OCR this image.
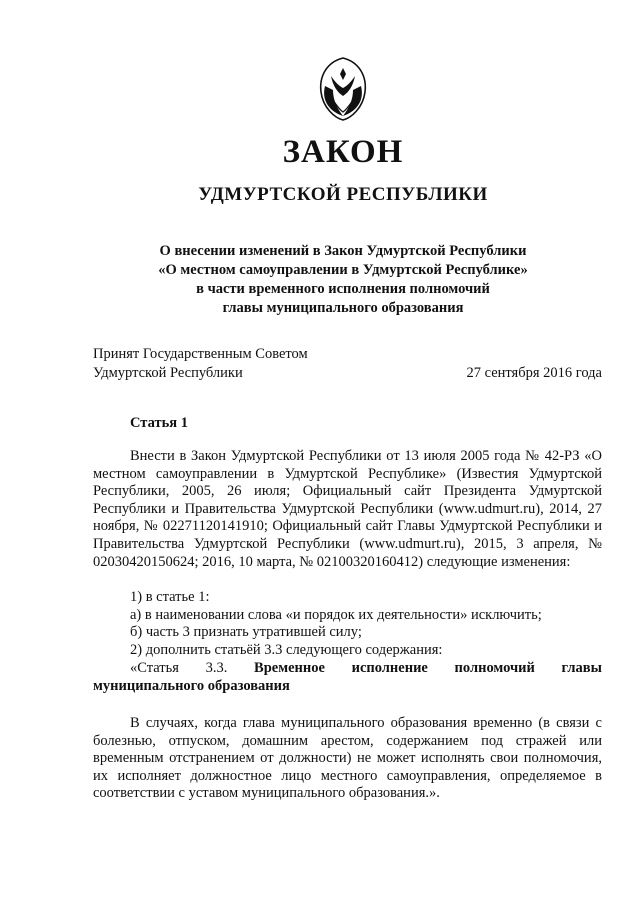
ЗАКОН
УДМУРТСКОЙ РЕСПУБЛИКИ
О внесении изменений в Закон Удмуртской Республики
«О местном самоуправлении в Удмуртской Республике»
в части временного исполнения полномочий
главы муниципального образования
Принят Государственным Советом
Удмуртской Республики	27 сентября 2016 года
Статья 1

Внести в Закон Удмуртской Республики от 13 июля 2005 года № 42-РЗ «О местном самоуправлении в Удмуртской Республике» (Известия Удмуртской Республики, 2005, 26 июля; Официальный сайт Президента Удмуртской Республики и Правительства Удмуртской Республики (www.udmurt.ru), 2014, 27 ноября, № 02271120141910; Официальный сайт Главы Удмуртской Республики и Правительства Удмуртской Республики (www.udmurt.ru), 2015, 3 апреля, № 02030420150624; 2016, 10 марта, № 02100320160412) следующие изменения:

1) в статье 1:

а) в наименовании слова «и порядок их деятельности» исключить;

б) часть 3 признать утратившей силу;

2) дополнить статьёй 3.3 следующего содержания:

«Статья 3.3. Временное исполнение полномочий главы
муниципального образования

В случаях, когда глава муниципального образования временно (в связи с болезнью, отпуском, домашним арестом, содержанием под стражей или временным отстранением от должности) не может исполнять свои полномочия, их исполняет должностное лицо местного самоуправления, определяемое в соответствии с уставом муниципального образования.».
